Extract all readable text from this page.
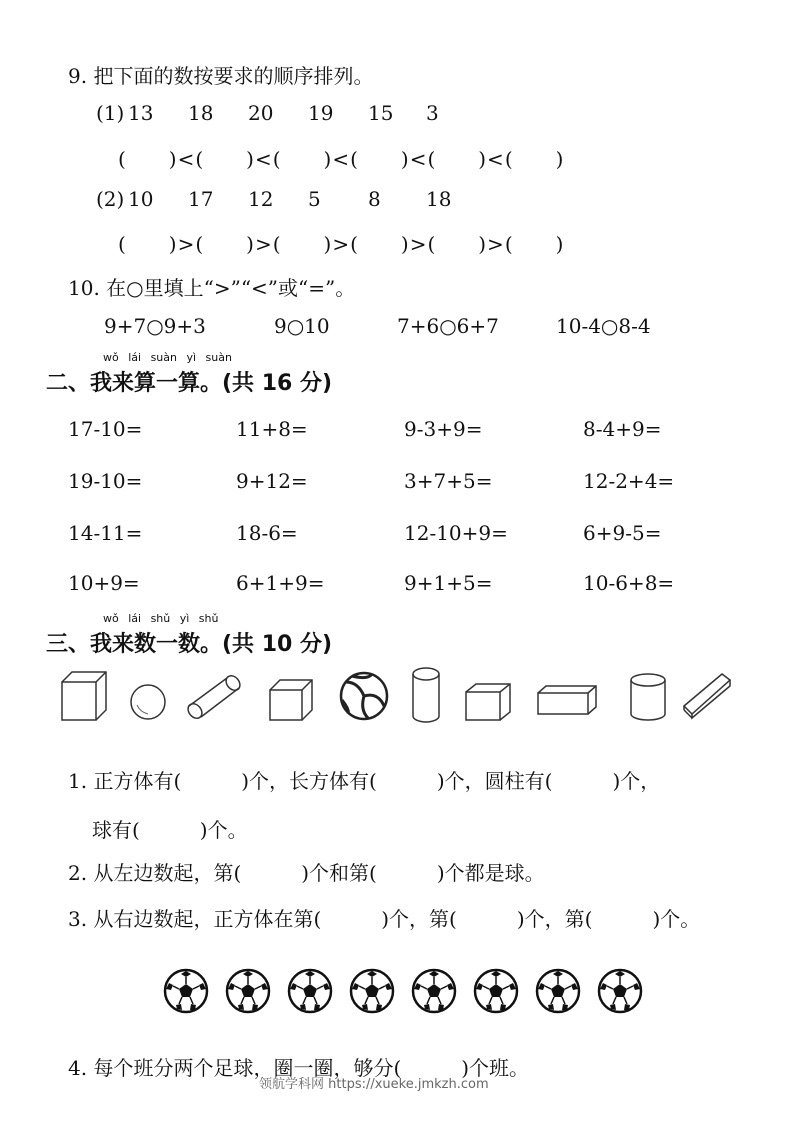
9. 把下面的数按要求的顺序排列。
(1) 13 18 20 19 15 3
(　　)<(　　)<(　　)<(　　)<(　　)<(　　)
(2) 10 17 12 5 8 18
(　　)>(　　)>(　　)>(　　)>(　　)>(　　)
10. 在○里填上“>”“<”或“=”。
9+7○9+3	9○10	7+6○6+7	10-4○8-4
wǒ lái suàn yì suàn
二、我来算一算。(共 16 分)
17-10=	11+8=	9-3+9=	8-4+9=
19-10=	9+12=	3+7+5=	12-2+4=
14-11=	18-6=	12-10+9=	6+9-5=
10+9=	6+1+9=	9+1+5=	10-6+8=
wǒ lái shǔ yì shǔ
三、我来数一数。(共 10 分)
1. 正方体有(　　　)个，长方体有(　　　)个，圆柱有(　　　)个，
球有(　　　)个。
2. 从左边数起，第(　　　)个和第(　　　)个都是球。
3. 从右边数起，正方体在第(　　　)个，第(　　　)个，第(　　　)个。
4. 每个班分两个足球，圈一圈，够分(　　　)个班。
领航学科网 https://xueke.jmkzh.com
